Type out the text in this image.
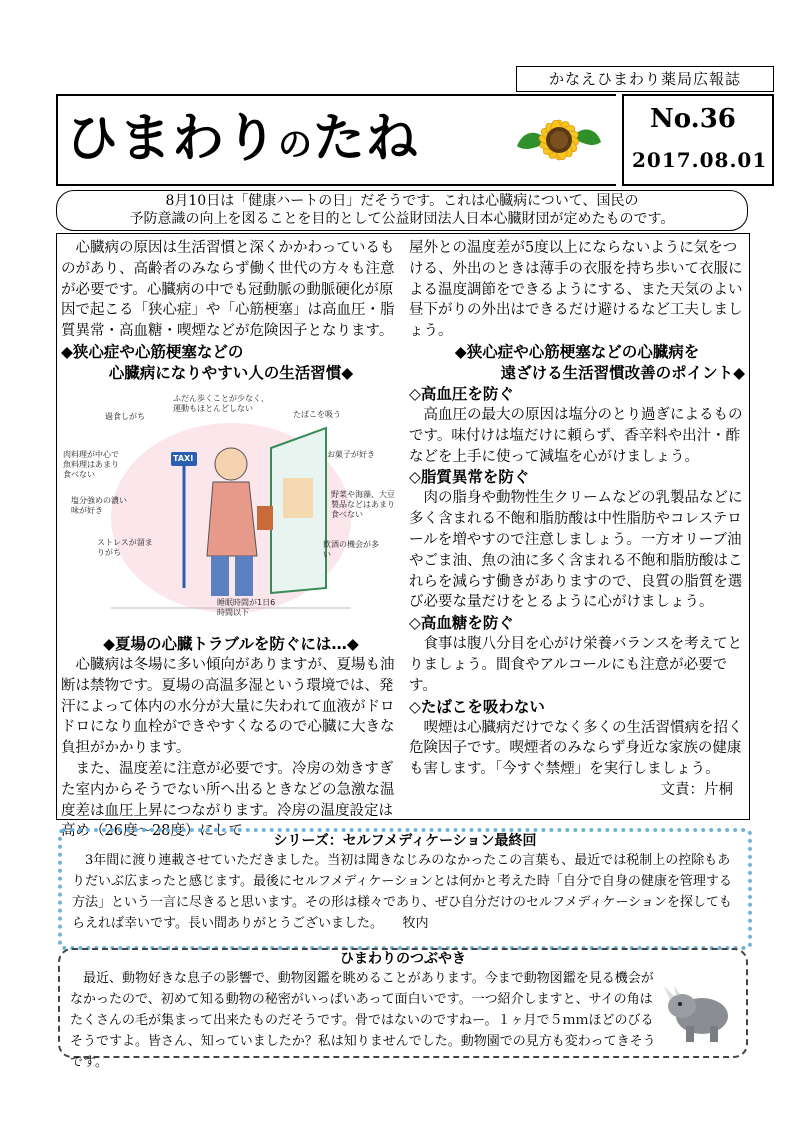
かなえひまわり薬局広報誌
ひまわりのたね	No.36
2017.08.01
8月10日は「健康ハートの日」だそうです。これは心臓病について、国民の
予防意識の向上を図ることを目的として公益財団法人日本心臓財団が定めたものです。

心臓病の原因は生活習慣と深くかかわっているものがあり、高齢者のみならず働く世代の方々も注意が必要です。心臓病の中でも冠動脈の動脈硬化が原因で起こる「狭心症」や「心筋梗塞」は高血圧・脂質異常・高血糖・喫煙などが危険因子となります。

◆狭心症や心筋梗塞などの

心臓病になりやすい人の生活習慣◆

ふだん歩くことが少なく、運動もほとんどしない
過食しがち	たばこを吸う
肉料理が中心で魚料理はあまり食べない
TAXI	お菓子が好き
塩分強めの濃い味が好き
野菜や海藻、大豆製品などはあまり食べない
ストレスが溜まりがち
飲酒の機会が多い
睡眠時間が1日6時間以下

◆夏場の心臓トラブルを防ぐには…◆

心臓病は冬場に多い傾向がありますが、夏場も油断は禁物です。夏場の高温多湿という環境では、発汗によって体内の水分が大量に失われて血液がドロドロになり血栓ができやすくなるので心臓に大きな負担がかかります。

また、温度差に注意が必要です。冷房の効きすぎた室内からそうでない所へ出るときなどの急激な温度差は血圧上昇につながります。冷房の温度設定は高め（26度～28度）にして

屋外との温度差が5度以上にならないように気をつける、外出のときは薄手の衣服を持ち歩いて衣服による温度調節をできるようにする、また天気のよい昼下がりの外出はできるだけ避けるなど工夫しましょう。

◆狭心症や心筋梗塞などの心臓病を

遠ざける生活習慣改善のポイント◆

◇高血圧を防ぐ

高血圧の最大の原因は塩分のとり過ぎによるものです。味付けは塩だけに頼らず、香辛料や出汁・酢などを上手に使って減塩を心がけましょう。

◇脂質異常を防ぐ

肉の脂身や動物性生クリームなどの乳製品などに多く含まれる不飽和脂肪酸は中性脂肪やコレステロールを増やすので注意しましょう。一方オリーブ油やごま油、魚の油に多く含まれる不飽和脂肪酸はこれらを減らす働きがありますので、良質の脂質を選び必要な量だけをとるように心がけましょう。

◇高血糖を防ぐ

食事は腹八分目を心がけ栄養バランスを考えてとりましょう。間食やアルコールにも注意が必要です。

◇たばこを吸わない

喫煙は心臓病だけでなく多くの生活習慣病を招く危険因子です。喫煙者のみならず身近な家族の健康も害します。「今すぐ禁煙」を実行しましょう。

文責：片桐

シリーズ：セルフメディケーション最終回

3年間に渡り連載させていただきました。当初は聞きなじみのなかったこの言葉も、最近では税制上の控除もありだいぶ広まったと感じます。最後にセルフメディケーションとは何かと考えた時「自分で自身の健康を管理する方法」という一言に尽きると思います。その形は様々であり、ぜひ自分だけのセルフメディケーションを探してもらえれば幸いです。長い間ありがとうございました。　　牧内

ひまわりのつぶやき

最近、動物好きな息子の影響で、動物図鑑を眺めることがあります。今まで動物図鑑を見る機会がなかったので、初めて知る動物の秘密がいっぱいあって面白いです。一つ紹介しますと、サイの角はたくさんの毛が集まって出来たものだそうです。骨ではないのですねー。１ヶ月で５ｍｍほどのびるそうですよ。皆さん、知っていましたか？私は知りませんでした。動物園での見方も変わってきそうです。
